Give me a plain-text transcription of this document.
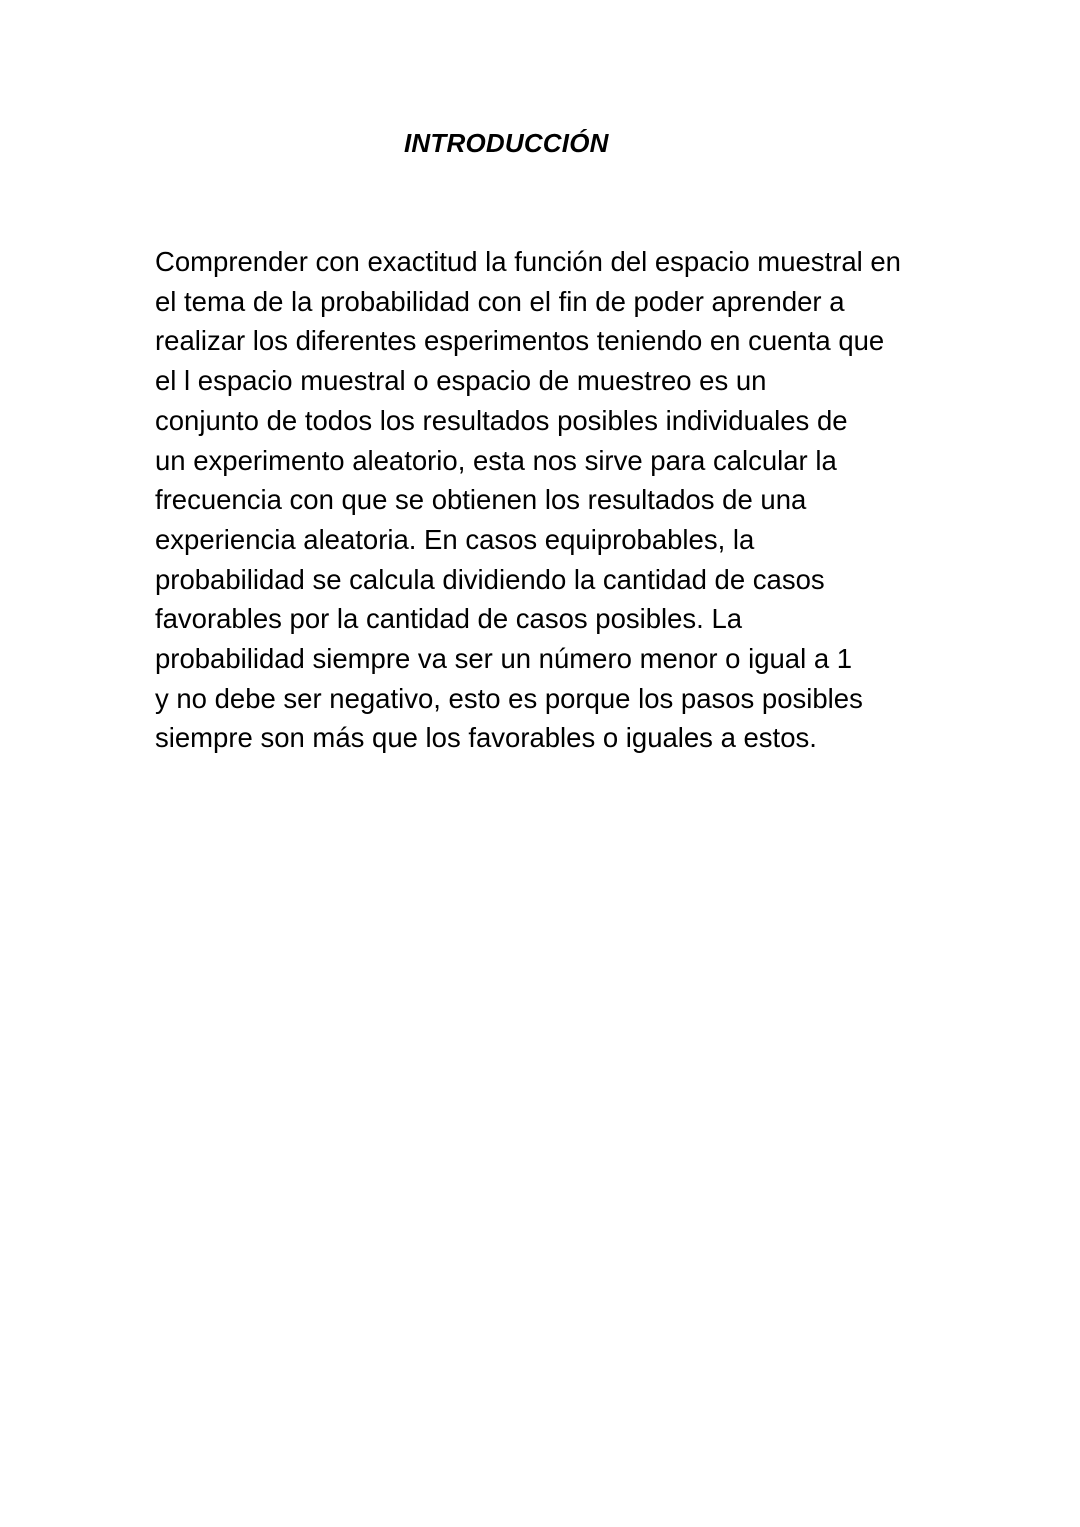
INTRODUCCIÓN
Comprender con exactitud la función del espacio muestral en
el tema de la probabilidad con el fin de poder aprender a
realizar los diferentes esperimentos teniendo en cuenta que
el l espacio muestral o espacio de muestreo es un
conjunto de todos los resultados posibles individuales de
un experimento aleatorio, esta nos sirve para calcular la
frecuencia con que se obtienen los resultados de una
experiencia aleatoria. En casos equiprobables, la
probabilidad se calcula dividiendo la cantidad de casos
favorables por la cantidad de casos posibles. La
probabilidad siempre va ser un número menor o igual a 1
y no debe ser negativo, esto es porque los pasos posibles
siempre son más que los favorables o iguales a estos.
